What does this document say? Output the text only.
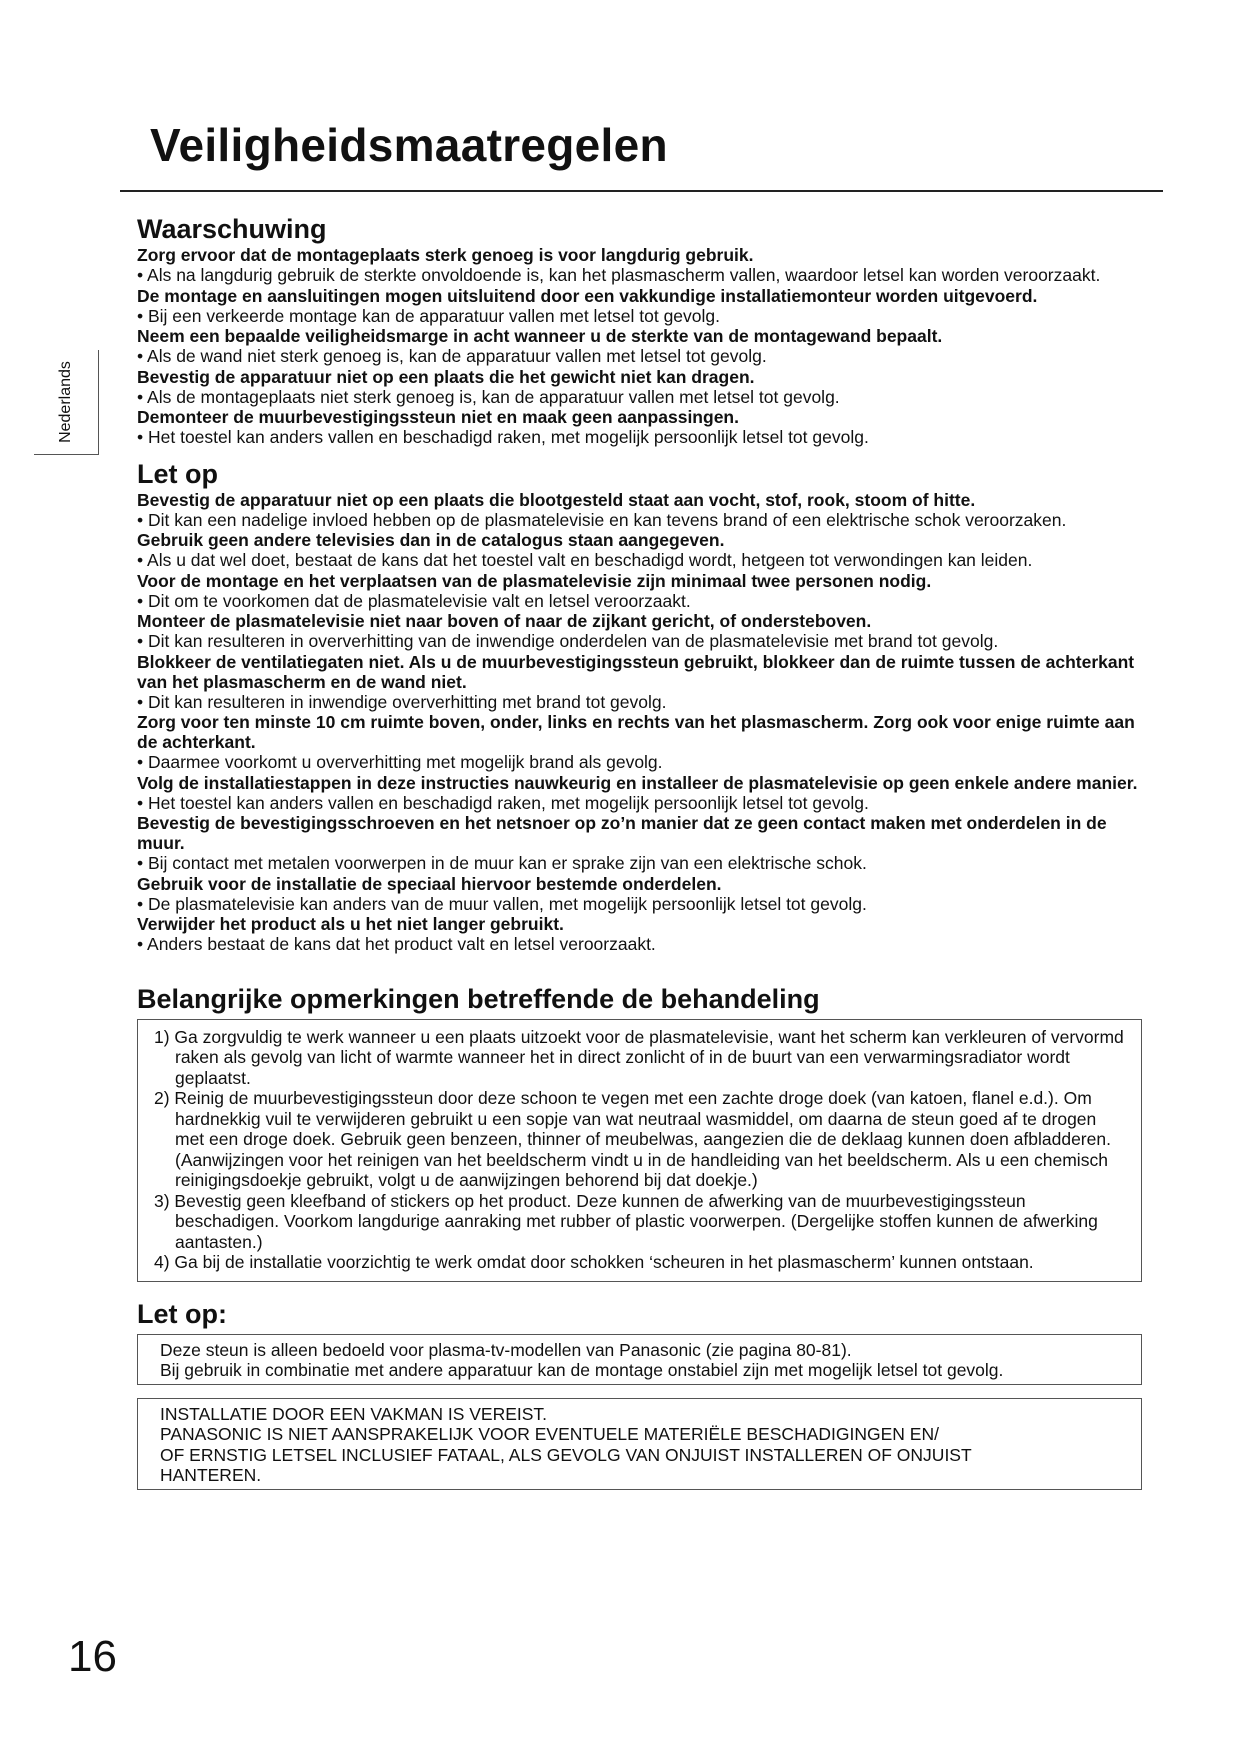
Veiligheidsmaatregelen
Nederlands
Waarschuwing
Zorg ervoor dat de montageplaats sterk genoeg is voor langdurig gebruik.
• Als na langdurig gebruik de sterkte onvoldoende is, kan het plasmascherm vallen, waardoor letsel kan worden veroorzaakt.
De montage en aansluitingen mogen uitsluitend door een vakkundige installatiemonteur worden uitgevoerd.
• Bij een verkeerde montage kan de apparatuur vallen met letsel tot gevolg.
Neem een bepaalde veiligheidsmarge in acht wanneer u de sterkte van de montagewand bepaalt.
• Als de wand niet sterk genoeg is, kan de apparatuur vallen met letsel tot gevolg.
Bevestig de apparatuur niet op een plaats die het gewicht niet kan dragen.
• Als de montageplaats niet sterk genoeg is, kan de apparatuur vallen met letsel tot gevolg.
Demonteer de muurbevestigingssteun niet en maak geen aanpassingen.
• Het toestel kan anders vallen en beschadigd raken, met mogelijk persoonlijk letsel tot gevolg.
Let op
Bevestig de apparatuur niet op een plaats die blootgesteld staat aan vocht, stof, rook, stoom of hitte.
• Dit kan een nadelige invloed hebben op de plasmatelevisie en kan tevens brand of een elektrische schok veroorzaken.
Gebruik geen andere televisies dan in de catalogus staan aangegeven.
• Als u dat wel doet, bestaat de kans dat het toestel valt en beschadigd wordt, hetgeen tot verwondingen kan leiden.
Voor de montage en het verplaatsen van de plasmatelevisie zijn minimaal twee personen nodig.
• Dit om te voorkomen dat de plasmatelevisie valt en letsel veroorzaakt.
Monteer de plasmatelevisie niet naar boven of naar de zijkant gericht, of ondersteboven.
• Dit kan resulteren in oververhitting van de inwendige onderdelen van de plasmatelevisie met brand tot gevolg.
Blokkeer de ventilatiegaten niet. Als u de muurbevestigingssteun gebruikt, blokkeer dan de ruimte tussen de achterkant van het plasmascherm en de wand niet.
• Dit kan resulteren in inwendige oververhitting met brand tot gevolg.
Zorg voor ten minste 10 cm ruimte boven, onder, links en rechts van het plasmascherm. Zorg ook voor enige ruimte aan de achterkant.
• Daarmee voorkomt u oververhitting met mogelijk brand als gevolg.
Volg de installatiestappen in deze instructies nauwkeurig en installeer de plasmatelevisie op geen enkele andere manier.
• Het toestel kan anders vallen en beschadigd raken, met mogelijk persoonlijk letsel tot gevolg.
Bevestig de bevestigingsschroeven en het netsnoer op zo’n manier dat ze geen contact maken met onderdelen in de muur.
• Bij contact met metalen voorwerpen in de muur kan er sprake zijn van een elektrische schok.
Gebruik voor de installatie de speciaal hiervoor bestemde onderdelen.
• De plasmatelevisie kan anders van de muur vallen, met mogelijk persoonlijk letsel tot gevolg.
Verwijder het product als u het niet langer gebruikt.
• Anders bestaat de kans dat het product valt en letsel veroorzaakt.
Belangrijke opmerkingen betreffende de behandeling
1) Ga zorgvuldig te werk wanneer u een plaats uitzoekt voor de plasmatelevisie, want het scherm kan verkleuren of vervormd raken als gevolg van licht of warmte wanneer het in direct zonlicht of in de buurt van een verwarmingsradiator wordt geplaatst.
2) Reinig de muurbevestigingssteun door deze schoon te vegen met een zachte droge doek (van katoen, flanel e.d.). Om hardnekkig vuil te verwijderen gebruikt u een sopje van wat neutraal wasmiddel, om daarna de steun goed af te drogen met een droge doek. Gebruik geen benzeen, thinner of meubelwas, aangezien die de deklaag kunnen doen afbladderen.
(Aanwijzingen voor het reinigen van het beeldscherm vindt u in de handleiding van het beeldscherm. Als u een chemisch reinigingsdoekje gebruikt, volgt u de aanwijzingen behorend bij dat doekje.)
3) Bevestig geen kleefband of stickers op het product. Deze kunnen de afwerking van de muurbevestigingssteun beschadigen. Voorkom langdurige aanraking met rubber of plastic voorwerpen. (Dergelijke stoffen kunnen de afwerking aantasten.)
4) Ga bij de installatie voorzichtig te werk omdat door schokken ‘scheuren in het plasmascherm’ kunnen ontstaan.
Let op:
Deze steun is alleen bedoeld voor plasma-tv-modellen van Panasonic (zie pagina 80-81).
Bij gebruik in combinatie met andere apparatuur kan de montage onstabiel zijn met mogelijk letsel tot gevolg.
INSTALLATIE DOOR EEN VAKMAN IS VEREIST.
PANASONIC IS NIET AANSPRAKELIJK VOOR EVENTUELE MATERIËLE BESCHADIGINGEN EN/
OF ERNSTIG LETSEL INCLUSIEF FATAAL, ALS GEVOLG VAN ONJUIST INSTALLEREN OF ONJUIST
HANTEREN.
16
